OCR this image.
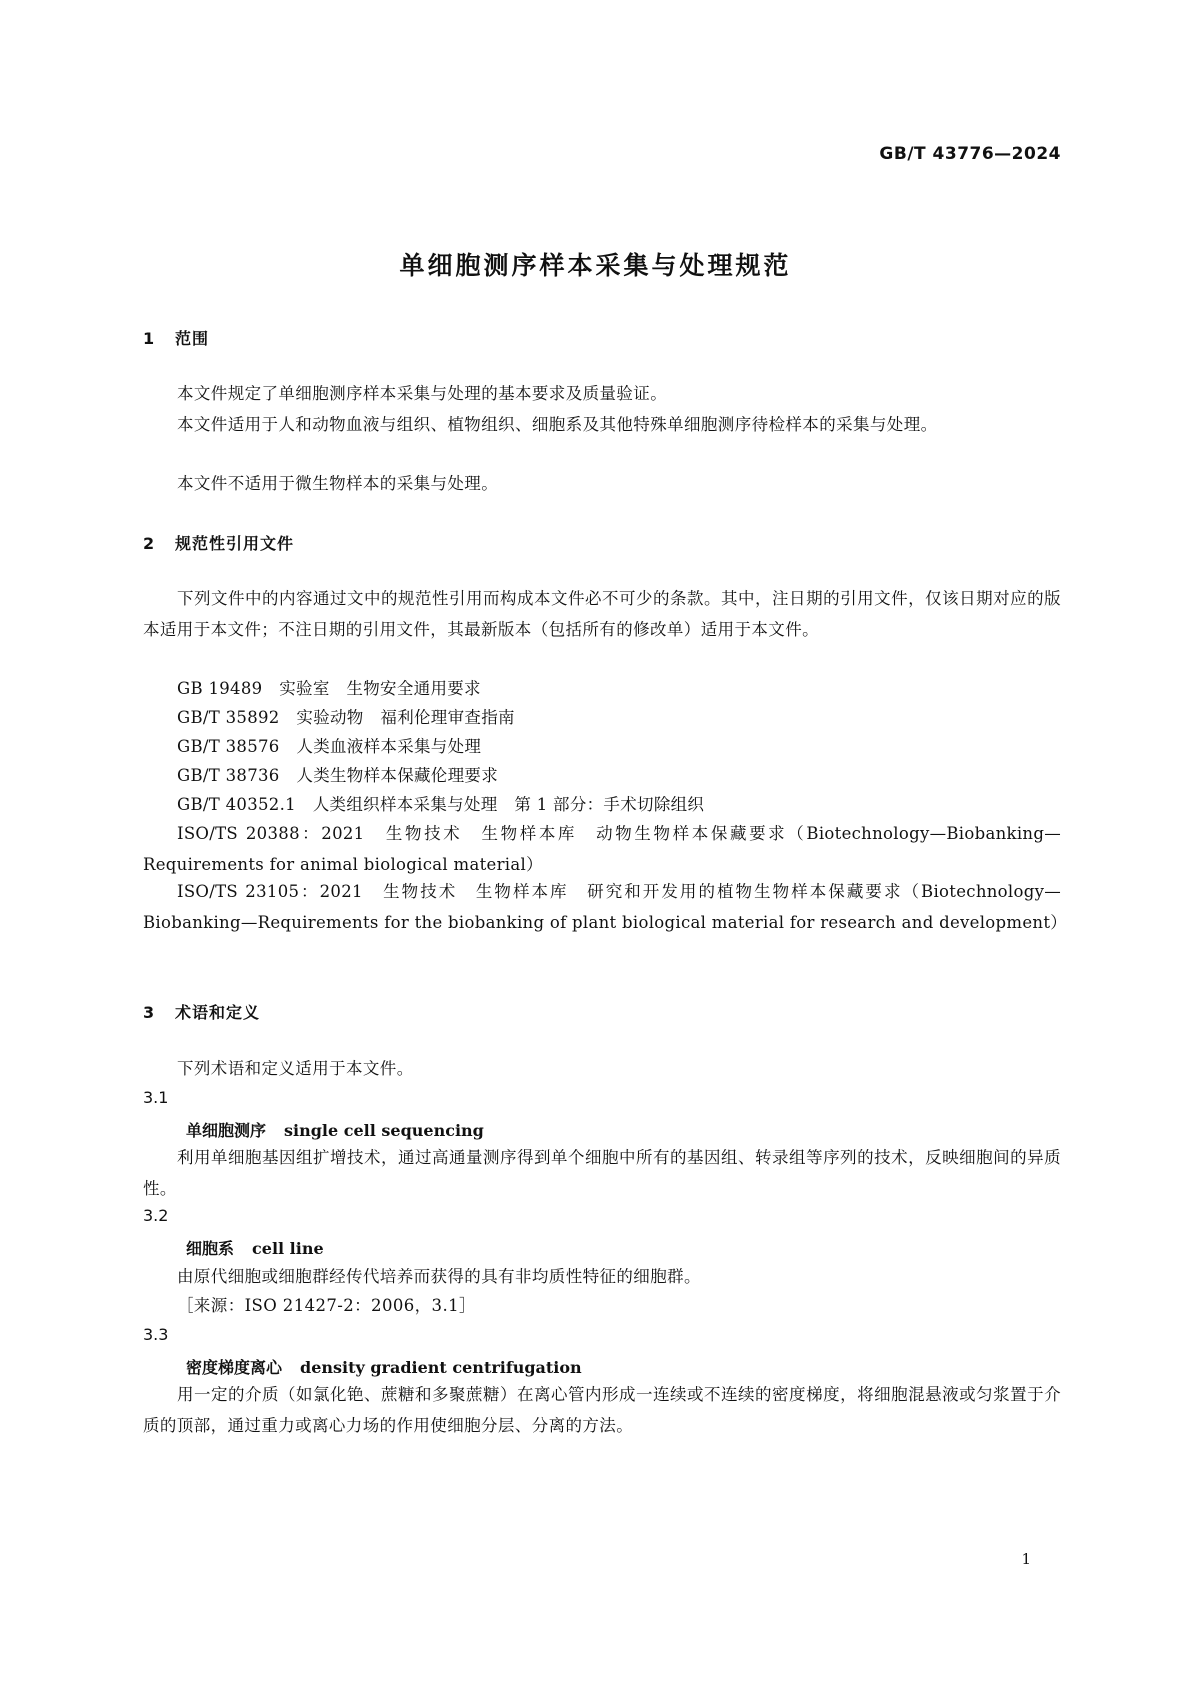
GB/T 43776—2024
单细胞测序样本采集与处理规范
1 范围
本文件规定了单细胞测序样本采集与处理的基本要求及质量验证。
本文件适用于人和动物血液与组织、植物组织、细胞系及其他特殊单细胞测序待检样本的采集与处理。
本文件不适用于微生物样本的采集与处理。
2 规范性引用文件
下列文件中的内容通过文中的规范性引用而构成本文件必不可少的条款。其中，注日期的引用文件，仅该日期对应的版本适用于本文件；不注日期的引用文件，其最新版本（包括所有的修改单）适用于本文件。
GB 19489　实验室　生物安全通用要求
GB/T 35892　实验动物　福利伦理审查指南
GB/T 38576　人类血液样本采集与处理
GB/T 38736　人类生物样本保藏伦理要求
GB/T 40352.1　人类组织样本采集与处理　第 1 部分：手术切除组织
ISO/TS 20388：2021　生物技术　生物样本库　动物生物样本保藏要求（Biotechnology—Biobanking—Requirements for animal biological material）
ISO/TS 23105：2021　生物技术　生物样本库　研究和开发用的植物生物样本保藏要求（Biotechnology—Biobanking—Requirements for the biobanking of plant biological material for research and development）
3 术语和定义
下列术语和定义适用于本文件。
3.1
单细胞测序 single cell sequencing
利用单细胞基因组扩增技术，通过高通量测序得到单个细胞中所有的基因组、转录组等序列的技术，反映细胞间的异质性。
3.2
细胞系 cell line
由原代细胞或细胞群经传代培养而获得的具有非均质性特征的细胞群。
［来源：ISO 21427-2：2006，3.1］
3.3
密度梯度离心 density gradient centrifugation
用一定的介质（如氯化铯、蔗糖和多聚蔗糖）在离心管内形成一连续或不连续的密度梯度，将细胞混悬液或匀浆置于介质的顶部，通过重力或离心力场的作用使细胞分层、分离的方法。
1
